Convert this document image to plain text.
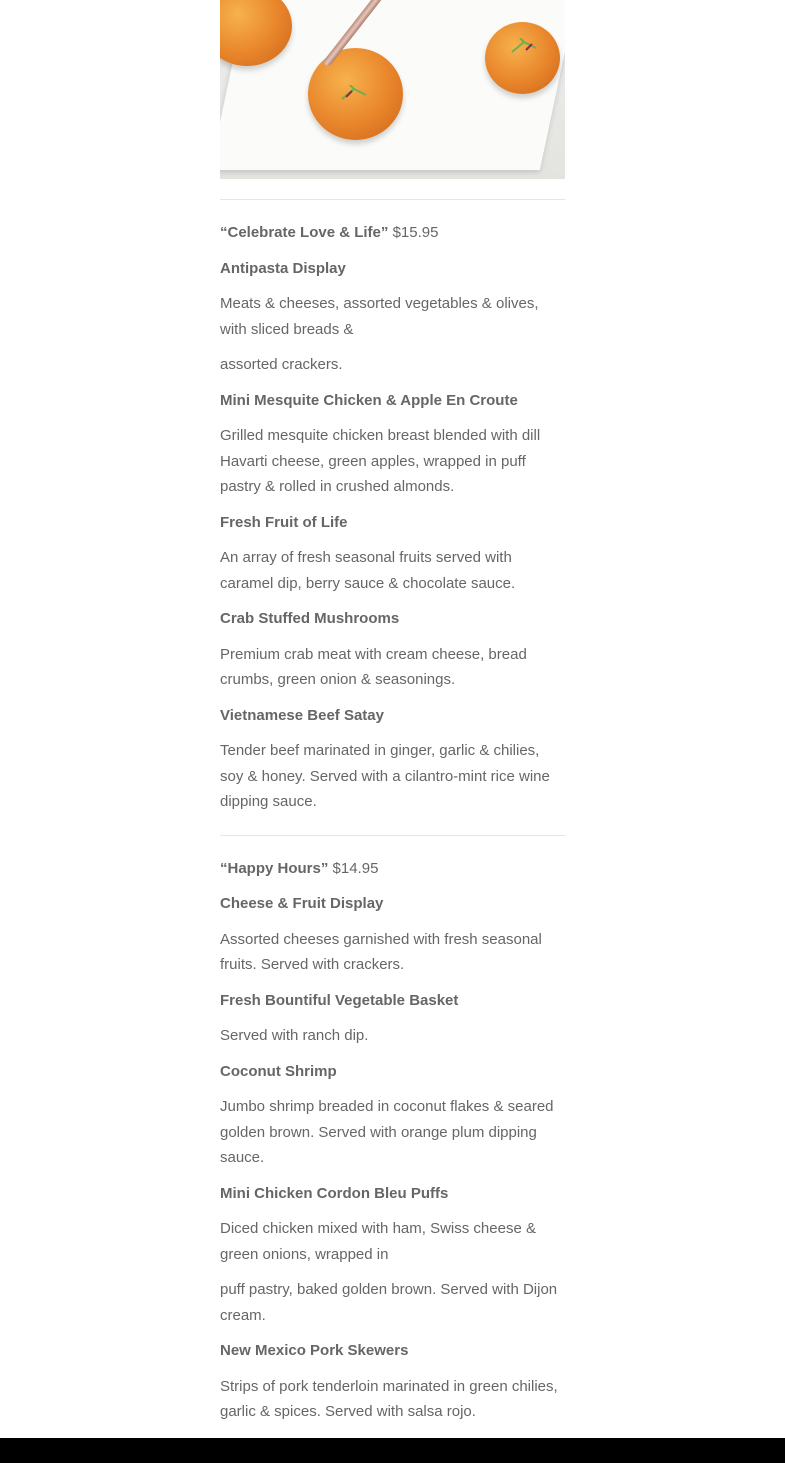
“Celebrate Love & Life” $15.95

Antipasta Display

Meats & cheeses, assorted vegetables & olives, with sliced breads &

assorted crackers.

Mini Mesquite Chicken & Apple En Croute

Grilled mesquite chicken breast blended with dill Havarti cheese, green apples, wrapped in puff pastry & rolled in crushed almonds.

Fresh Fruit of Life

An array of fresh seasonal fruits served with caramel dip, berry sauce & chocolate sauce.

Crab Stuffed Mushrooms

Premium crab meat with cream cheese, bread crumbs, green onion & seasonings.

Vietnamese Beef Satay

Tender beef marinated in ginger, garlic & chilies, soy & honey. Served with a cilantro-mint rice wine dipping sauce.

“Happy Hours” $14.95

Cheese & Fruit Display

Assorted cheeses garnished with fresh seasonal fruits. Served with crackers.

Fresh Bountiful Vegetable Basket

Served with ranch dip.

Coconut Shrimp

Jumbo shrimp breaded in coconut flakes & seared golden brown. Served with orange plum dipping sauce.

Mini Chicken Cordon Bleu Puffs

Diced chicken mixed with ham, Swiss cheese & green onions, wrapped in

puff pastry, baked golden brown. Served with Dijon cream.

New Mexico Pork Skewers

Strips of pork tenderloin marinated in green chilies, garlic & spices. Served with salsa rojo.
